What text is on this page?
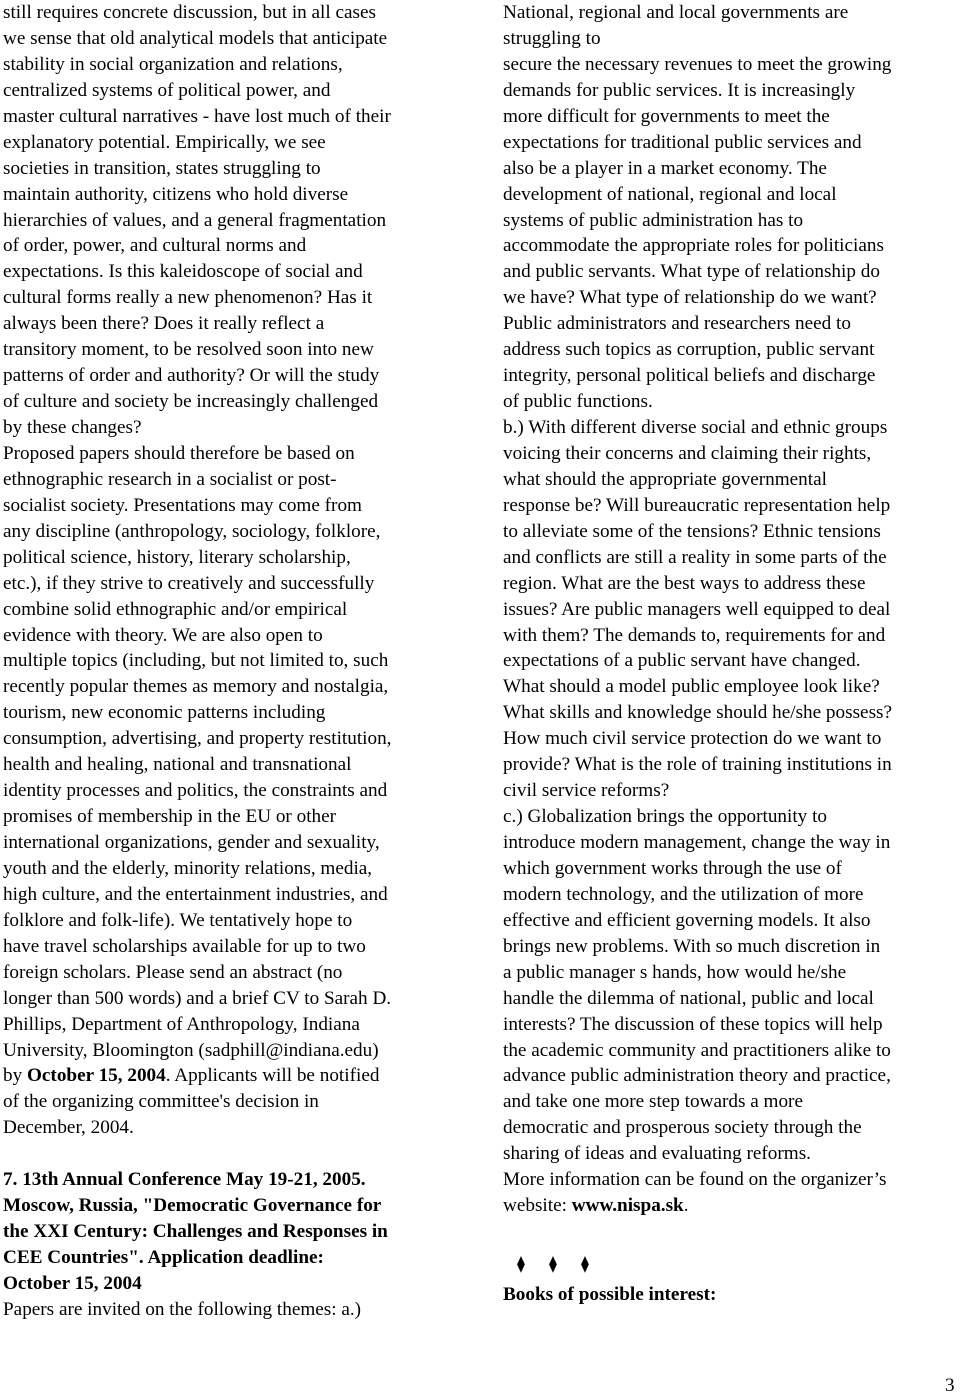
still requires concrete discussion, but in all cases
we sense that old analytical models that anticipate
stability in social organization and relations,
centralized systems of political power, and
master cultural narratives - have lost much of their
explanatory potential. Empirically, we see
societies in transition, states struggling to
maintain authority, citizens who hold diverse
hierarchies of values, and a general fragmentation
of order, power, and cultural norms and
expectations. Is this kaleidoscope of social and
cultural forms really a new phenomenon? Has it
always been there? Does it really reflect a
transitory moment, to be resolved soon into new
patterns of order and authority? Or will the study
of culture and society be increasingly challenged
by these changes?
Proposed papers should therefore be based on
ethnographic research in a socialist or post-
socialist society. Presentations may come from
any discipline (anthropology, sociology, folklore,
political science, history, literary scholarship,
etc.), if they strive to creatively and successfully
combine solid ethnographic and/or empirical
evidence with theory. We are also open to
multiple topics (including, but not limited to, such
recently popular themes as memory and nostalgia,
tourism, new economic patterns including
consumption, advertising, and property restitution,
health and healing, national and transnational
identity processes and politics, the constraints and
promises of membership in the EU or other
international organizations, gender and sexuality,
youth and the elderly, minority relations, media,
high culture, and the entertainment industries, and
folklore and folk-life). We tentatively hope to
have travel scholarships available for up to two
foreign scholars. Please send an abstract (no
longer than 500 words) and a brief CV to Sarah D.
Phillips, Department of Anthropology, Indiana
University, Bloomington (sadphill@indiana.edu)
by October 15, 2004. Applicants will be notified
of the organizing committee's decision in
December, 2004.
7. 13th Annual Conference May 19-21, 2005.
Moscow, Russia, "Democratic Governance for
the XXI Century: Challenges and Responses in
CEE Countries". Application deadline:
October 15, 2004
Papers are invited on the following themes: a.)
National, regional and local governments are
struggling to
secure the necessary revenues to meet the growing
demands for public services. It is increasingly
more difficult for governments to meet the
expectations for traditional public services and
also be a player in a market economy. The
development of national, regional and local
systems of public administration has to
accommodate the appropriate roles for politicians
and public servants. What type of relationship do
we have? What type of relationship do we want?
Public administrators and researchers need to
address such topics as corruption, public servant
integrity, personal political beliefs and discharge
of public functions.
b.) With different diverse social and ethnic groups
voicing their concerns and claiming their rights,
what should the appropriate governmental
response be? Will bureaucratic representation help
to alleviate some of the tensions? Ethnic tensions
and conflicts are still a reality in some parts of the
region. What are the best ways to address these
issues? Are public managers well equipped to deal
with them? The demands to, requirements for and
expectations of a public servant have changed.
What should a model public employee look like?
What skills and knowledge should he/she possess?
How much civil service protection do we want to
provide? What is the role of training institutions in
civil service reforms?
c.) Globalization brings the opportunity to
introduce modern management, change the way in
which government works through the use of
modern technology, and the utilization of more
effective and efficient governing models. It also
brings new problems. With so much discretion in
a public manager s hands, how would he/she
handle the dilemma of national, public and local
interests? The discussion of these topics will help
the academic community and practitioners alike to
advance public administration theory and practice,
and take one more step towards a more
democratic and prosperous society through the
sharing of ideas and evaluating reforms.
More information can be found on the organizer’s
website: www.nispa.sk.
⧫ ⧫ ⧫
Books of possible interest:
3
